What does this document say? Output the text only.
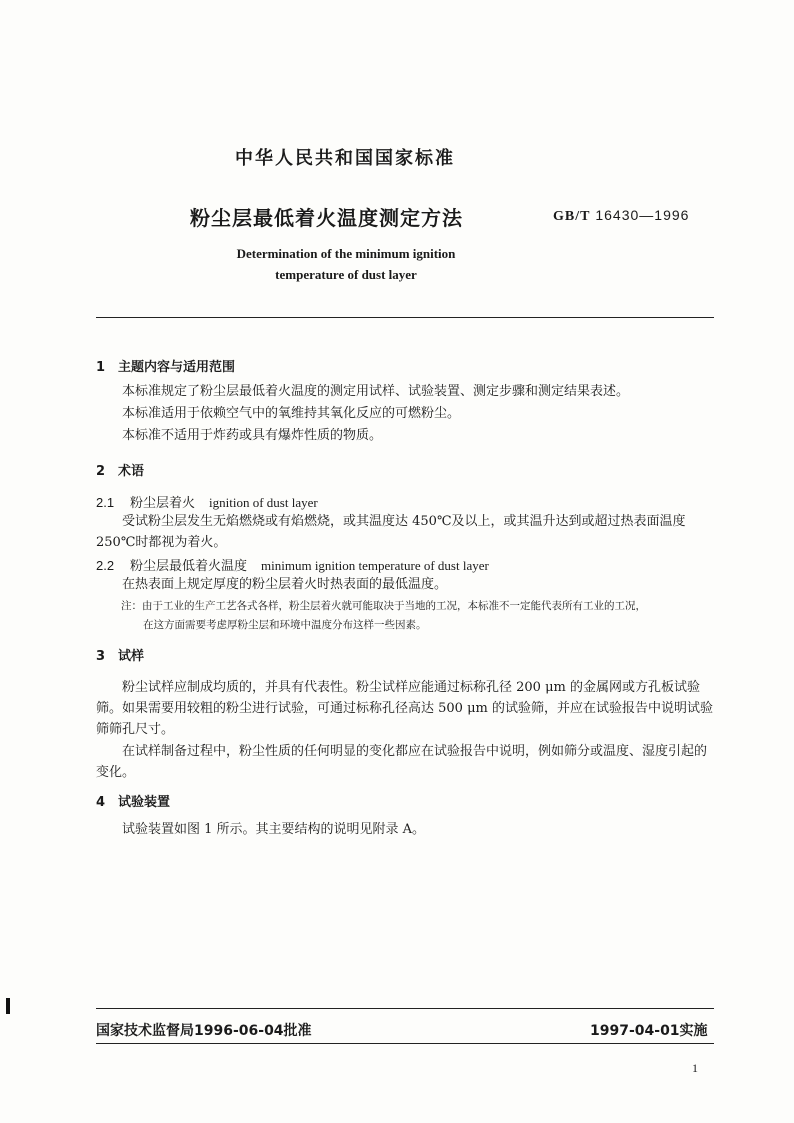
中华人民共和国国家标准
粉尘层最低着火温度测定方法	GB/T 16430—1996
Determination of the minimum ignition
temperature of dust layer
1 主题内容与适用范围
本标准规定了粉尘层最低着火温度的测定用试样、试验装置、测定步骤和测定结果表述。
本标准适用于依赖空气中的氧维持其氧化反应的可燃粉尘。
本标准不适用于炸药或具有爆炸性质的物质。
2 术语
2.1 粉尘层着火 ignition of dust layer
受试粉尘层发生无焰燃烧或有焰燃烧，或其温度达 450℃及以上，或其温升达到或超过热表面温度 250℃时都视为着火。
2.2 粉尘层最低着火温度 minimum ignition temperature of dust layer
在热表面上规定厚度的粉尘层着火时热表面的最低温度。
注：由于工业的生产工艺各式各样，粉尘层着火就可能取决于当地的工况，本标准不一定能代表所有工业的工况，
在这方面需要考虑厚粉尘层和环境中温度分布这样一些因素。
3 试样
粉尘试样应制成均质的，并具有代表性。粉尘试样应能通过标称孔径 200 μm 的金属网或方孔板试验筛。如果需要用较粗的粉尘进行试验，可通过标称孔径高达 500 μm 的试验筛，并应在试验报告中说明试验筛筛孔尺寸。
在试样制备过程中，粉尘性质的任何明显的变化都应在试验报告中说明，例如筛分或温度、湿度引起的变化。
4 试验装置
试验装置如图 1 所示。其主要结构的说明见附录 A。
国家技术监督局1996-06-04批准	1997-04-01实施
1
